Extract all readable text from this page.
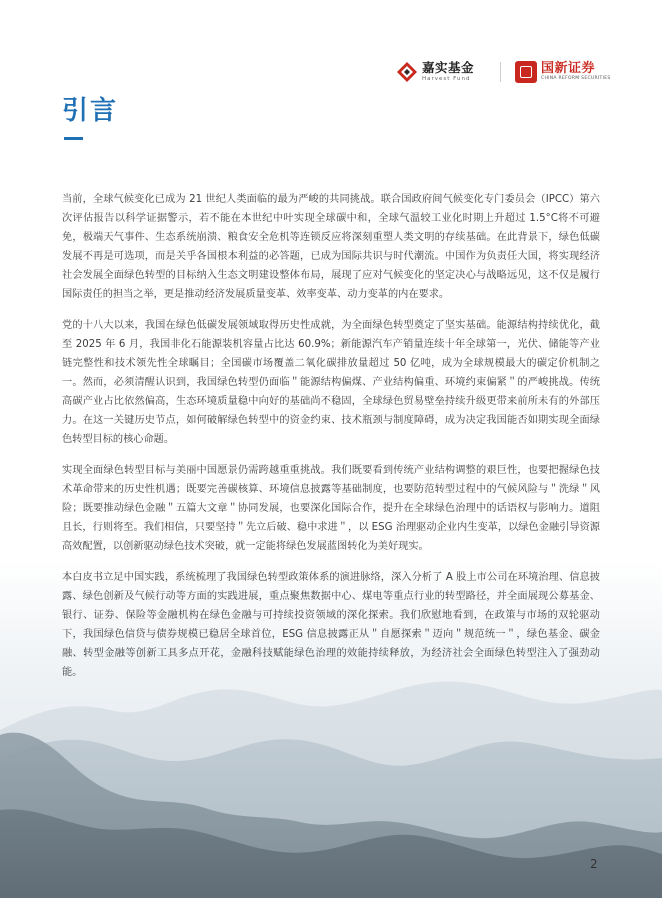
嘉实基金
Harvest Fund
国新证券
CHINA REFORM SECURITIES
引言

当前，全球气候变化已成为 21 世纪人类面临的最为严峻的共同挑战。联合国政府间气候变化专门委员会（IPCC）第六次评估报告以科学证据警示，若不能在本世纪中叶实现全球碳中和，全球气温较工业化时期上升超过 1.5°C将不可避免，极端天气事件、生态系统崩溃、粮食安全危机等连锁反应将深刻重塑人类文明的存续基础。在此背景下，绿色低碳发展不再是可选项，而是关乎各国根本利益的必答题，已成为国际共识与时代潮流。中国作为负责任大国，将实现经济社会发展全面绿色转型的目标纳入生态文明建设整体布局，展现了应对气候变化的坚定决心与战略远见，这不仅是履行国际责任的担当之举，更是推动经济发展质量变革、效率变革、动力变革的内在要求。

党的十八大以来，我国在绿色低碳发展领域取得历史性成就，为全面绿色转型奠定了坚实基础。能源结构持续优化，截至 2025 年 6 月，我国非化石能源装机容量占比达 60.9%；新能源汽车产销量连续十年全球第一，光伏、储能等产业链完整性和技术领先性全球瞩目；全国碳市场覆盖二氧化碳排放量超过 50 亿吨，成为全球规模最大的碳定价机制之一。然而，必须清醒认识到，我国绿色转型仍面临＂能源结构偏煤、产业结构偏重、环境约束偏紧＂的严峻挑战。传统高碳产业占比依然偏高，生态环境质量稳中向好的基础尚不稳固，全球绿色贸易壁垒持续升级更带来前所未有的外部压力。在这一关键历史节点，如何破解绿色转型中的资金约束、技术瓶颈与制度障碍，成为决定我国能否如期实现全面绿色转型目标的核心命题。

实现全面绿色转型目标与美丽中国愿景仍需跨越重重挑战。我们既要看到传统产业结构调整的艰巨性，也要把握绿色技术革命带来的历史性机遇；既要完善碳核算、环境信息披露等基础制度，也要防范转型过程中的气候风险与＂洗绿＂风险；既要推动绿色金融＂五篇大文章＂协同发展，也要深化国际合作，提升在全球绿色治理中的话语权与影响力。道阻且长，行则将至。我们相信，只要坚持＂先立后破、稳中求进＂，以 ESG 治理驱动企业内生变革，以绿色金融引导资源高效配置，以创新驱动绿色技术突破，就一定能将绿色发展蓝图转化为美好现实。

本白皮书立足中国实践，系统梳理了我国绿色转型政策体系的演进脉络，深入分析了 A 股上市公司在环境治理、信息披露、绿色创新及气候行动等方面的实践进展，重点聚焦数据中心、煤电等重点行业的转型路径，并全面展现公募基金、银行、证券、保险等金融机构在绿色金融与可持续投资领域的深化探索。我们欣慰地看到，在政策与市场的双轮驱动下，我国绿色信贷与债券规模已稳居全球首位，ESG 信息披露正从＂自愿探索＂迈向＂规范统一＂，绿色基金、碳金融、转型金融等创新工具多点开花，金融科技赋能绿色治理的效能持续释放，为经济社会全面绿色转型注入了强劲动能。

2
